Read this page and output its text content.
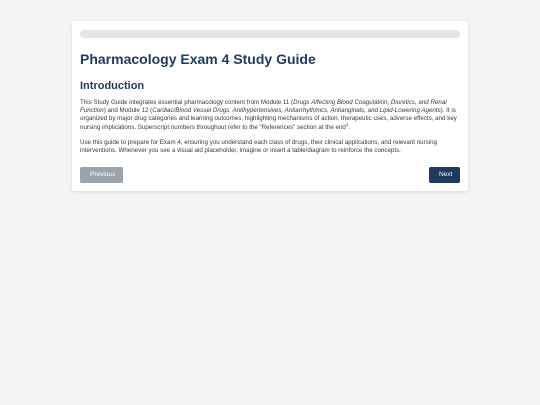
Pharmacology Exam 4 Study Guide
Introduction

This Study Guide integrates essential pharmacology content from Module 11 (Drugs Affecting Blood Coagulation, Diuretics, and Renal Function) and Module 12 (Cardiac/Blood Vessel Drugs: Antihypertensives, Antiarrhythmics, Antianginals, and Lipid-Lowering Agents). It is organized by major drug categories and learning outcomes, highlighting mechanisms of action, therapeutic uses, adverse effects, and key nursing implications. Superscript numbers throughout refer to the “References” section at the end$^1$.

Use this guide to prepare for Exam 4, ensuring you understand each class of drugs, their clinical applications, and relevant nursing interventions. Whenever you see a visual aid placeholder, imagine or insert a table/diagram to reinforce the concepts.

Previous	Next
